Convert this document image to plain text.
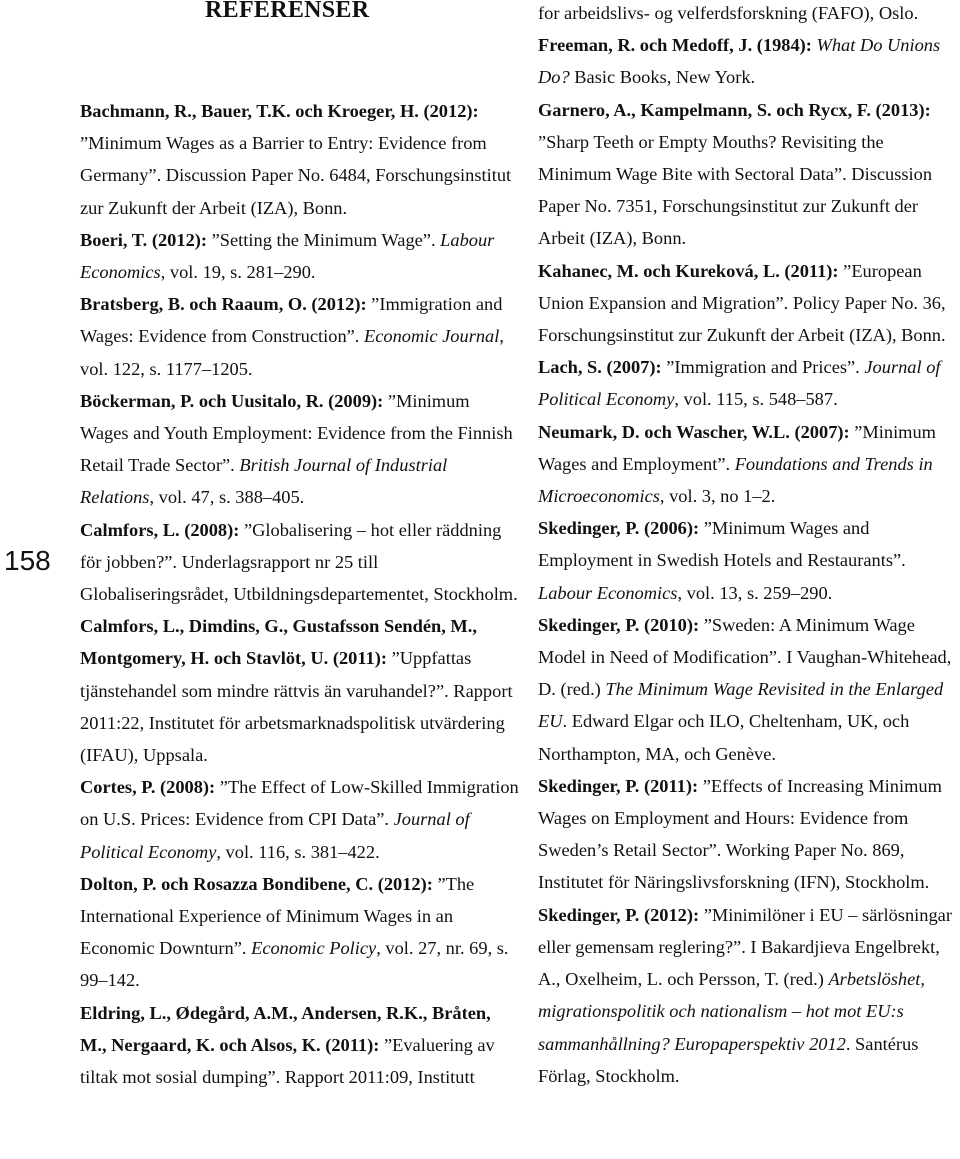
REFERENSER
158
Bachmann, R., Bauer, T.K. och Kroeger, H. (2012): ”Minimum Wages as a Barrier to Entry: Evidence from Germany”. Discussion Paper No. 6484, Forschungsinstitut zur Zukunft der Arbeit (IZA), Bonn.
Boeri, T. (2012): ”Setting the Minimum Wage”. Labour Economics, vol. 19, s. 281–290.
Bratsberg, B. och Raaum, O. (2012): ”Immigration and Wages: Evidence from Construction”. Economic Journal, vol. 122, s. 1177–1205.
Böckerman, P. och Uusitalo, R. (2009): ”Minimum Wages and Youth Employment: Evidence from the Finnish Retail Trade Sector”. British Journal of Industrial Relations, vol. 47, s. 388–405.
Calmfors, L. (2008): ”Globalisering – hot eller räddning för jobben?”. Underlagsrapport nr 25 till Globaliseringsrådet, Utbildningsdepartementet, Stockholm.
Calmfors, L., Dimdins, G., Gustafsson Sendén, M., Montgomery, H. och Stavlöt, U. (2011): ”Uppfattas tjänstehandel som mindre rättvis än varuhandel?”. Rapport 2011:22, Institutet för arbetsmarknadspolitisk utvärdering (IFAU), Uppsala.
Cortes, P. (2008): ”The Effect of Low-Skilled Immigration on U.S. Prices: Evidence from CPI Data”. Journal of Political Economy, vol. 116, s. 381–422.
Dolton, P. och Rosazza Bondibene, C. (2012): ”The International Experience of Minimum Wages in an Economic Downturn”. Economic Policy, vol. 27, nr. 69, s. 99–142.
Eldring, L., Ødegård, A.M., Andersen, R.K., Bråten, M., Nergaard, K. och Alsos, K. (2011): ”Evaluering av tiltak mot sosial dumping”. Rapport 2011:09, Institutt
for arbeidslivs- og velferdsforskning (FAFO), Oslo.
Freeman, R. och Medoff, J. (1984): What Do Unions Do? Basic Books, New York.
Garnero, A., Kampelmann, S. och Rycx, F. (2013): ”Sharp Teeth or Empty Mouths? Revisiting the Minimum Wage Bite with Sectoral Data”. Discussion Paper No. 7351, Forschungsinstitut zur Zukunft der Arbeit (IZA), Bonn.
Kahanec, M. och Kureková, L. (2011): ”European Union Expansion and Migration”. Policy Paper No. 36, Forschungsinstitut zur Zukunft der Arbeit (IZA), Bonn.
Lach, S. (2007): ”Immigration and Prices”. Journal of Political Economy, vol. 115, s. 548–587.
Neumark, D. och Wascher, W.L. (2007): ”Minimum Wages and Employment”. Foundations and Trends in Microeconomics, vol. 3, no 1–2.
Skedinger, P. (2006): ”Minimum Wages and Employment in Swedish Hotels and Restaurants”. Labour Economics, vol. 13, s. 259–290.
Skedinger, P. (2010): ”Sweden: A Minimum Wage Model in Need of Modification”. I Vaughan-Whitehead, D. (red.) The Minimum Wage Revisited in the Enlarged EU. Edward Elgar och ILO, Cheltenham, UK, och Northampton, MA, och Genève.
Skedinger, P. (2011): ”Effects of Increasing Minimum Wages on Employment and Hours: Evidence from Sweden’s Retail Sector”. Working Paper No. 869, Institutet för Näringslivsforskning (IFN), Stockholm.
Skedinger, P. (2012): ”Minimilöner i EU – särlösningar eller gemensam reglering?”. I Bakardjieva Engelbrekt, A., Oxelheim, L. och Persson, T. (red.) Arbetslöshet, migrationspolitik och nationalism – hot mot EU:s sammanhållning? Europaperspektiv 2012. Santérus Förlag, Stockholm.
